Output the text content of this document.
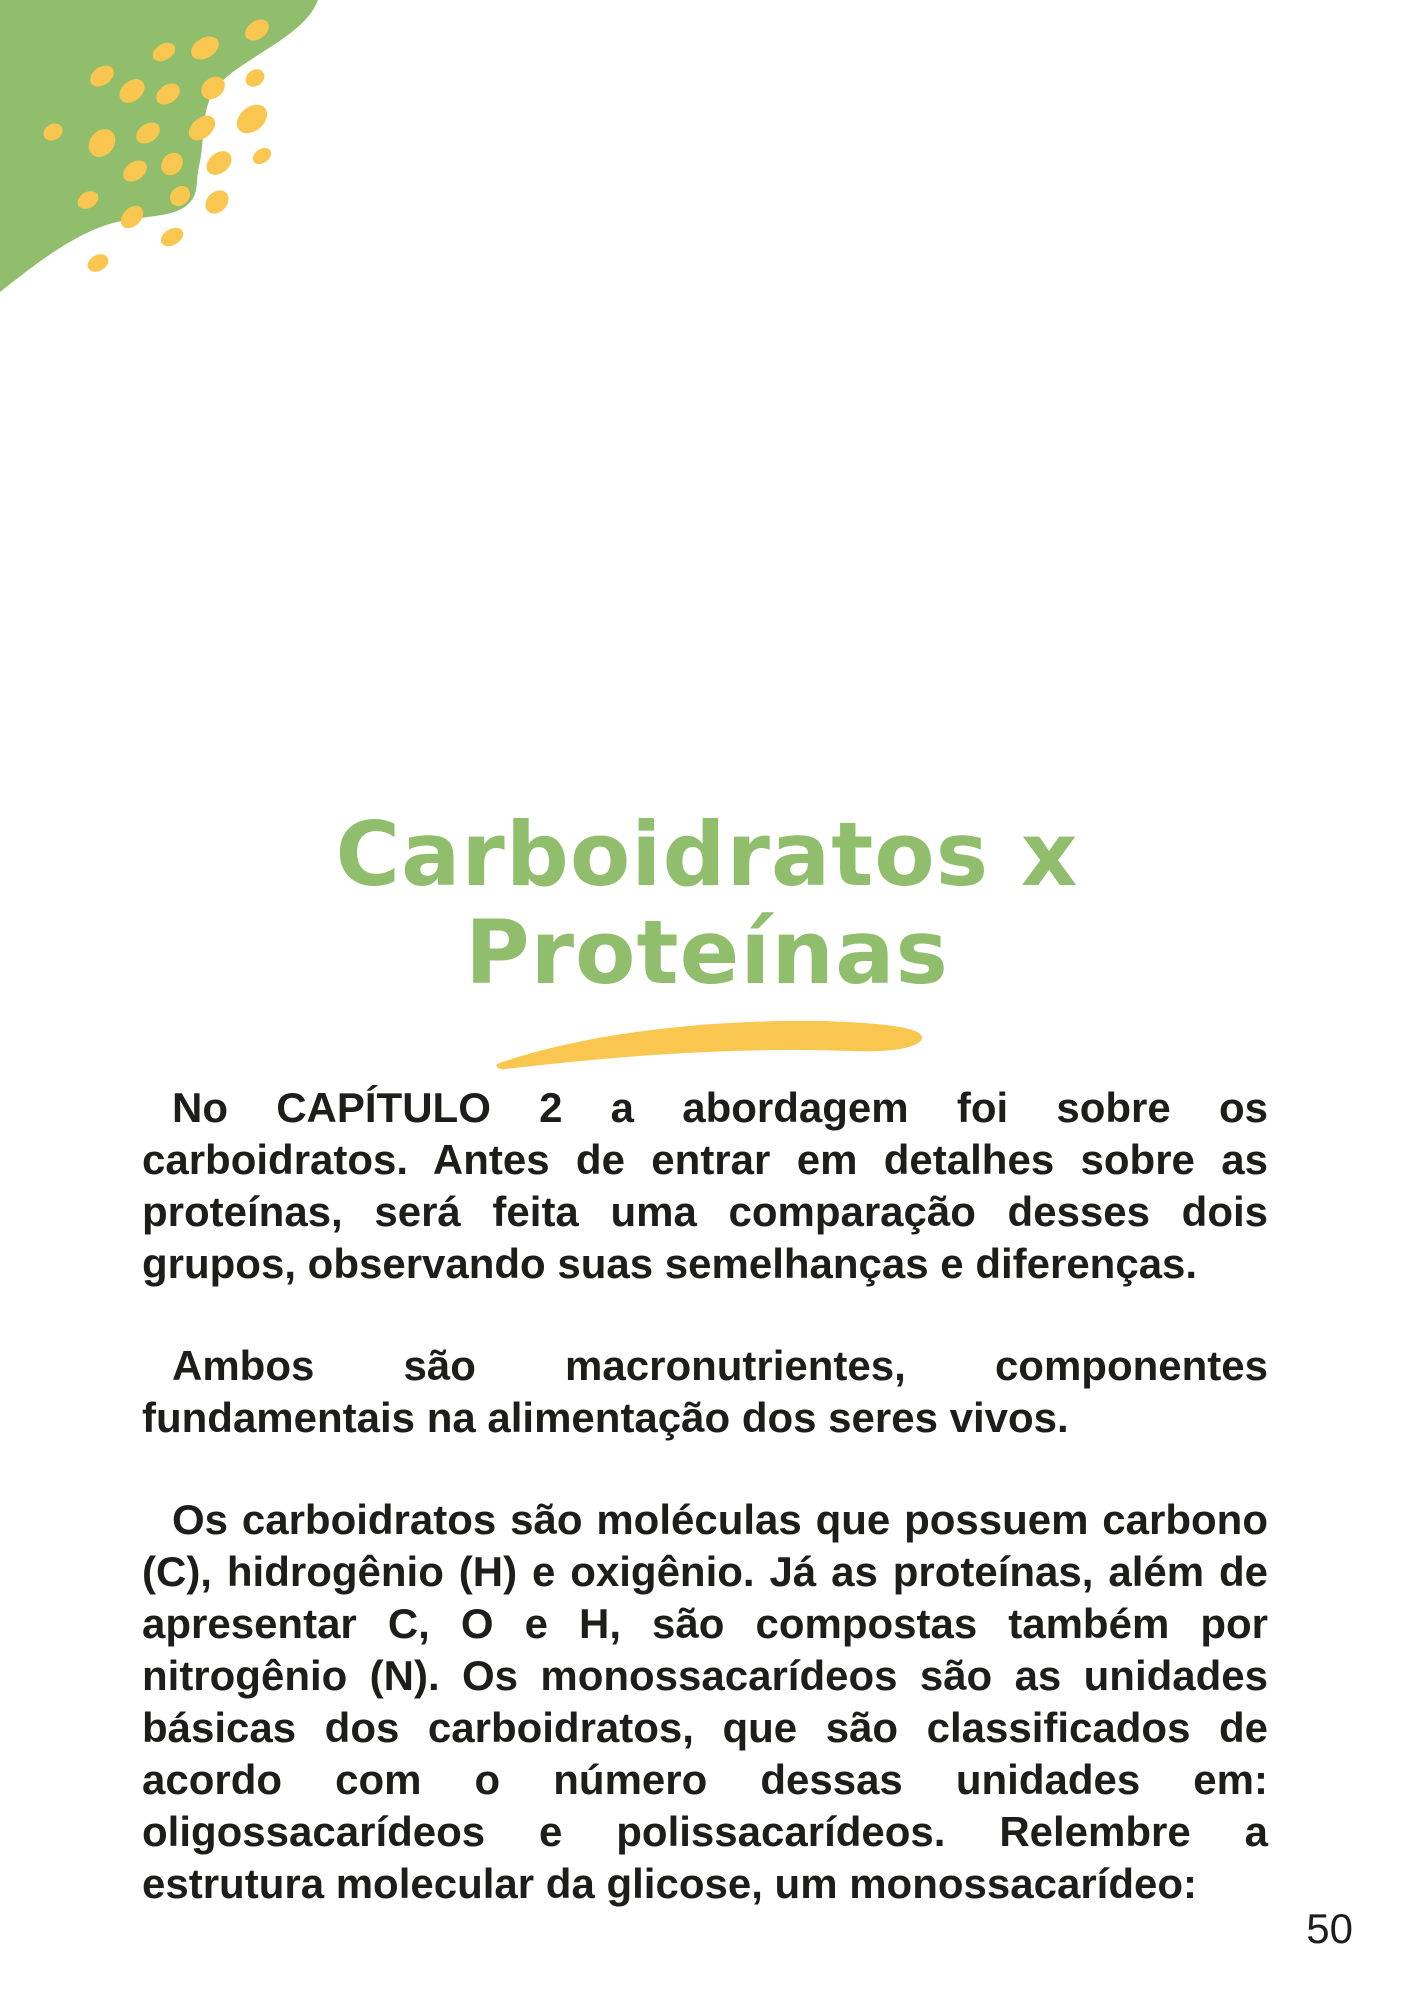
Carboidratos x
Proteínas

No CAPÍTULO 2 a abordagem foi sobre os carboidratos. Antes de entrar em detalhes sobre as proteínas, será feita uma comparação desses dois grupos, observando suas semelhanças e diferenças.

Ambos são macronutrientes, componentes fundamentais na alimentação dos seres vivos.

Os carboidratos são moléculas que possuem carbono (C), hidrogênio (H) e oxigênio. Já as proteínas, além de apresentar C, O e H, são compostas também por nitrogênio (N). Os monossacarídeos são as unidades básicas dos carboidratos, que são classificados de acordo com o número dessas unidades em: oligossacarídeos e polissacarídeos. Relembre a estrutura molecular da glicose, um monossacarídeo:

50
